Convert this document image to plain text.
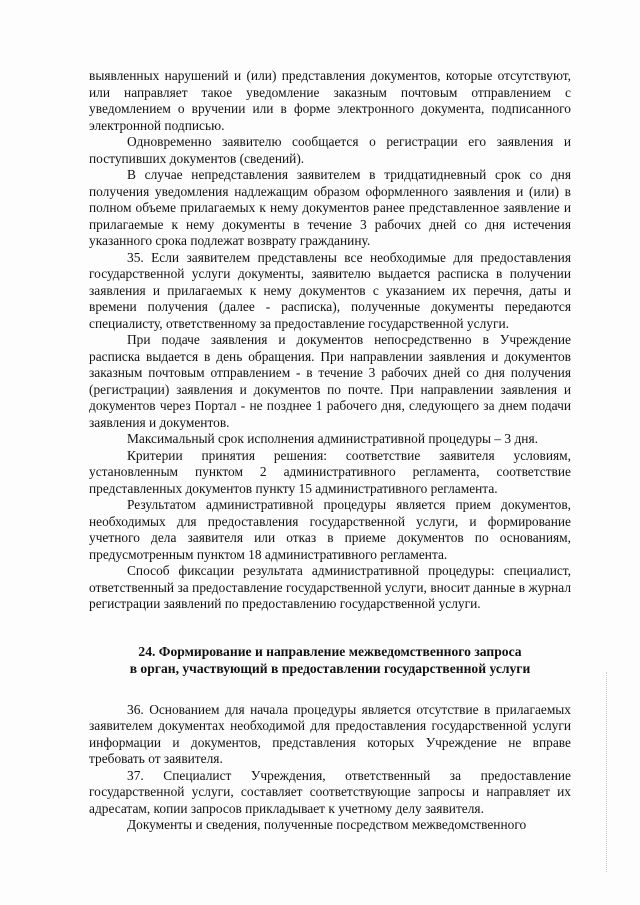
выявленных нарушений и (или) представления документов, которые отсутствуют, или направляет такое уведомление заказным почтовым отправлением с уведомлением о вручении или в форме электронного документа, подписанного электронной подписью.

Одновременно заявителю сообщается о регистрации его заявления и поступивших документов (сведений).

В случае непредставления заявителем в тридцатидневный срок со дня получения уведомления надлежащим образом оформленного заявления и (или) в полном объеме прилагаемых к нему документов ранее представленное заявление и прилагаемые к нему документы в течение 3 рабочих дней со дня истечения указанного срока подлежат возврату гражданину.

35. Если заявителем представлены все необходимые для предоставления государственной услуги документы, заявителю выдается расписка в получении заявления и прилагаемых к нему документов с указанием их перечня, даты и времени получения (далее - расписка), полученные документы передаются специалисту, ответственному за предоставление государственной услуги.

При подаче заявления и документов непосредственно в Учреждение расписка выдается в день обращения. При направлении заявления и документов заказным почтовым отправлением - в течение 3 рабочих дней со дня получения (регистрации) заявления и документов по почте. При направлении заявления и документов через Портал - не позднее 1 рабочего дня, следующего за днем подачи заявления и документов.

Максимальный срок исполнения административной процедуры – 3 дня.

Критерии принятия решения: соответствие заявителя условиям, установленным пунктом 2 административного регламента, соответствие представленных документов пункту 15 административного регламента.

Результатом административной процедуры является прием документов, необходимых для предоставления государственной услуги, и формирование учетного дела заявителя или отказ в приеме документов по основаниям, предусмотренным пунктом 18 административного регламента.

Способ фиксации результата административной процедуры: специалист, ответственный за предоставление государственной услуги, вносит данные в журнал регистрации заявлений по предоставлению государственной услуги.

24. Формирование и направление межведомственного запроса
в орган, участвующий в предоставлении государственной услуги

36. Основанием для начала процедуры является отсутствие в прилагаемых заявителем документах необходимой для предоставления государственной услуги информации и документов, представления которых Учреждение не вправе требовать от заявителя.

37. Специалист Учреждения, ответственный за предоставление государственной услуги, составляет соответствующие запросы и направляет их адресатам, копии запросов прикладывает к учетному делу заявителя.

Документы и сведения, полученные посредством межведомственного
